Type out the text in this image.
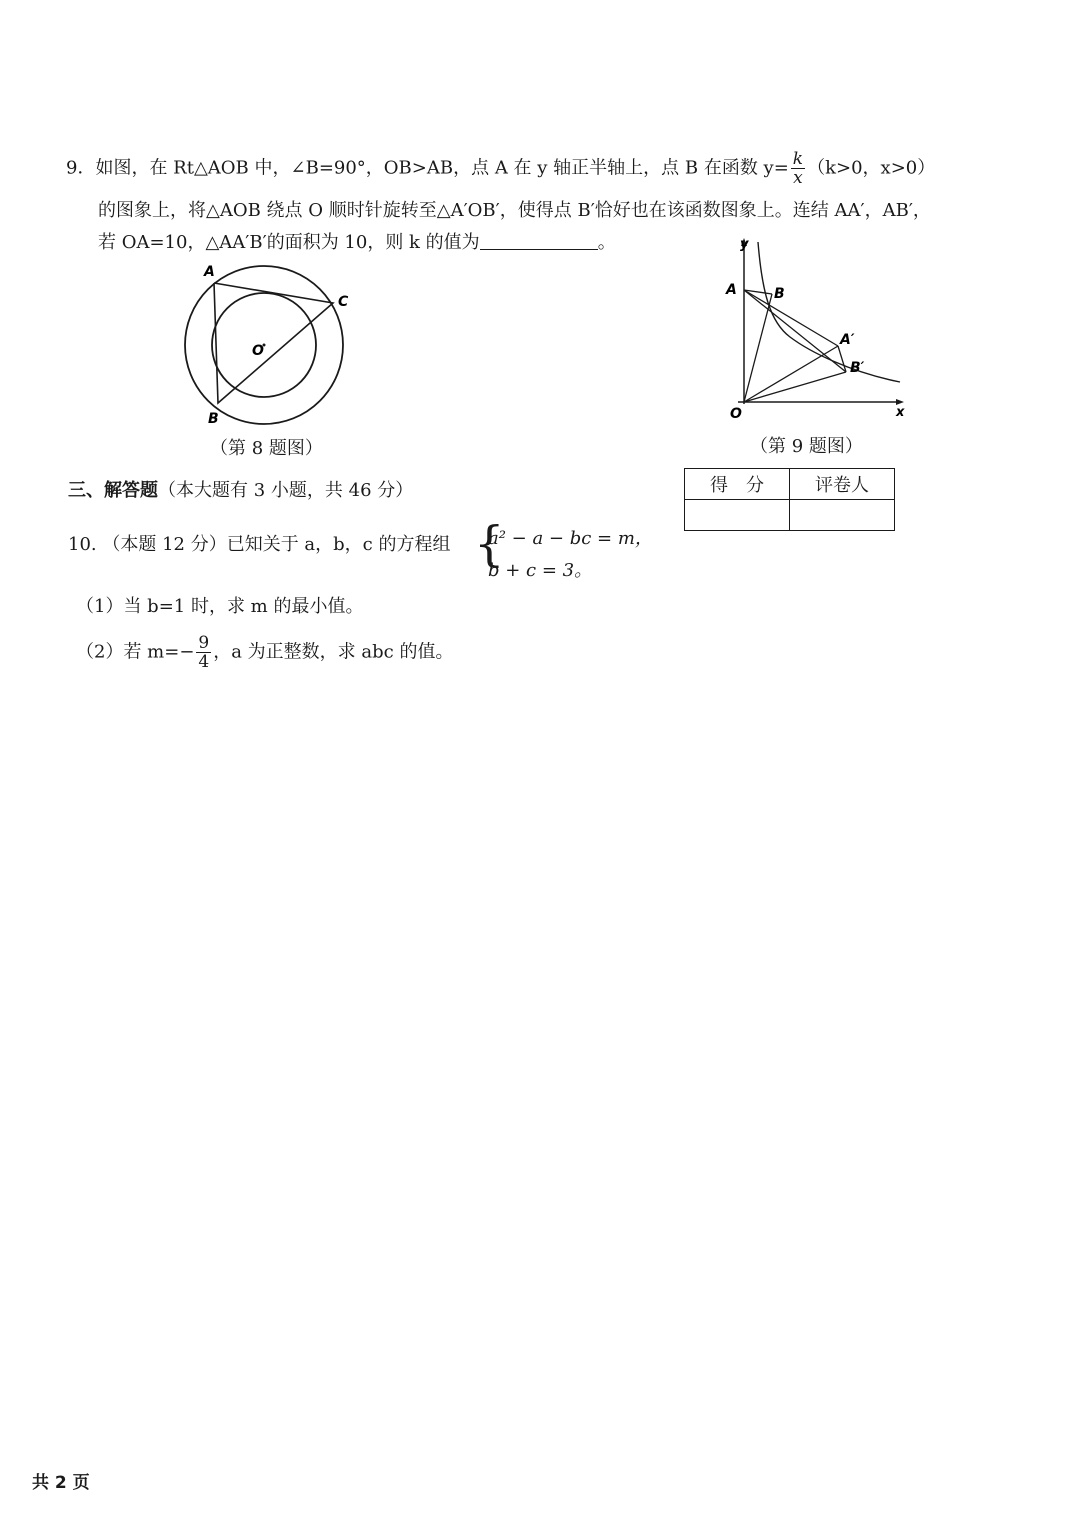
9．如图，在 Rt△AOB 中，∠B=90°，OB>AB，点 A 在 y 轴正半轴上，点 B 在函数 $y= \frac{k}{x} (k>0$，x>0）
的图象上，将△AOB 绕点 O 顺时针旋转至△A′OB′，使得点 B′恰好也在该函数图象上。连结 AA′，AB′，
若 OA=10，△AA′B′的面积为 10，则 k 的值为	。
A
C
O
B
（第 8 题图）
y
x
O
A	B
A′
B′
（第 9 题图）
三、解答题（本大题有 3 小题，共 46 分）	得　分	评卷人

10. （本题 12 分）已知关于 a，b，c 的方程组 {
a² − a − bc = m，
b + c = 3。
（1）当 b=1 时，求 m 的最小值。
（2）若 $m=- \frac{9}{4}$ ，a 为正整数，求 abc 的值。
共 2 页
